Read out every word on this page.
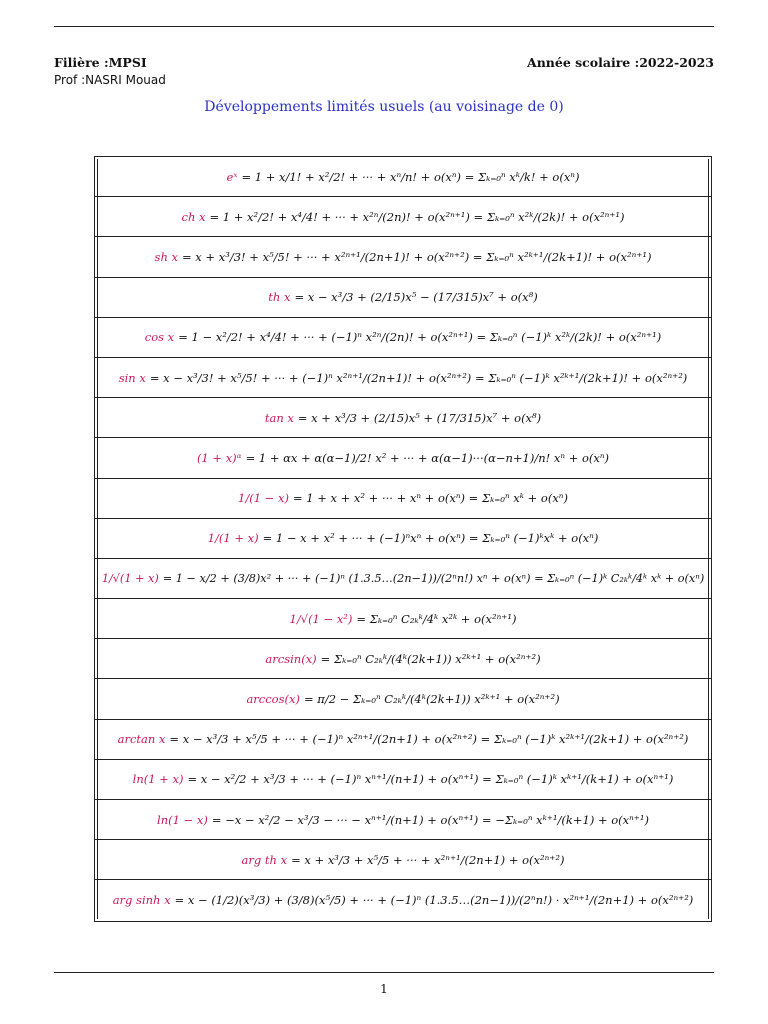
Filière :MPSI
Prof :NASRI Mouad
Année scolaire :2022-2023
Développements limités usuels (au voisinage de 0)
eˣ = 1 + x/1! + x²/2! + ··· + xⁿ/n! + o(xⁿ) = Σₖ₌₀ⁿ xᵏ/k! + o(xⁿ)
ch x = 1 + x²/2! + x⁴/4! + ··· + x²ⁿ/(2n)! + o(x²ⁿ⁺¹) = Σₖ₌₀ⁿ x²ᵏ/(2k)! + o(x²ⁿ⁺¹)
sh x = x + x³/3! + x⁵/5! + ··· + x²ⁿ⁺¹/(2n+1)! + o(x²ⁿ⁺²) = Σₖ₌₀ⁿ x²ᵏ⁺¹/(2k+1)! + o(x²ⁿ⁺¹)
th x = x − x³/3 + (2/15)x⁵ − (17/315)x⁷ + o(x⁸)
cos x = 1 − x²/2! + x⁴/4! + ··· + (−1)ⁿ x²ⁿ/(2n)! + o(x²ⁿ⁺¹) = Σₖ₌₀ⁿ (−1)ᵏ x²ᵏ/(2k)! + o(x²ⁿ⁺¹)
sin x = x − x³/3! + x⁵/5! + ··· + (−1)ⁿ x²ⁿ⁺¹/(2n+1)! + o(x²ⁿ⁺²) = Σₖ₌₀ⁿ (−1)ᵏ x²ᵏ⁺¹/(2k+1)! + o(x²ⁿ⁺²)
tan x = x + x³/3 + (2/15)x⁵ + (17/315)x⁷ + o(x⁸)
(1 + x)ᵅ = 1 + αx + α(α−1)/2! x² + ··· + α(α−1)···(α−n+1)/n! xⁿ + o(xⁿ)
1/(1 − x) = 1 + x + x² + ··· + xⁿ + o(xⁿ) = Σₖ₌₀ⁿ xᵏ + o(xⁿ)
1/(1 + x) = 1 − x + x² + ··· + (−1)ⁿxⁿ + o(xⁿ) = Σₖ₌₀ⁿ (−1)ᵏxᵏ + o(xⁿ)
1/√(1 + x) = 1 − x/2 + (3/8)x² + ··· + (−1)ⁿ (1.3.5…(2n−1))/(2ⁿn!) xⁿ + o(xⁿ) = Σₖ₌₀ⁿ (−1)ᵏ C₂ₖᵏ/4ᵏ xᵏ + o(xⁿ)
1/√(1 − x²) = Σₖ₌₀ⁿ C₂ₖᵏ/4ᵏ x²ᵏ + o(x²ⁿ⁺¹)
arcsin(x) = Σₖ₌₀ⁿ C₂ₖᵏ/(4ᵏ(2k+1)) x²ᵏ⁺¹ + o(x²ⁿ⁺²)
arccos(x) = π/2 − Σₖ₌₀ⁿ C₂ₖᵏ/(4ᵏ(2k+1)) x²ᵏ⁺¹ + o(x²ⁿ⁺²)
arctan x = x − x³/3 + x⁵/5 + ··· + (−1)ⁿ x²ⁿ⁺¹/(2n+1) + o(x²ⁿ⁺²) = Σₖ₌₀ⁿ (−1)ᵏ x²ᵏ⁺¹/(2k+1) + o(x²ⁿ⁺²)
ln(1 + x) = x − x²/2 + x³/3 + ··· + (−1)ⁿ xⁿ⁺¹/(n+1) + o(xⁿ⁺¹) = Σₖ₌₀ⁿ (−1)ᵏ xᵏ⁺¹/(k+1) + o(xⁿ⁺¹)
ln(1 − x) = −x − x²/2 − x³/3 − ··· − xⁿ⁺¹/(n+1) + o(xⁿ⁺¹) = −Σₖ₌₀ⁿ xᵏ⁺¹/(k+1) + o(xⁿ⁺¹)
arg th x = x + x³/3 + x⁵/5 + ··· + x²ⁿ⁺¹/(2n+1) + o(x²ⁿ⁺²)
arg sinh x = x − (1/2)(x³/3) + (3/8)(x⁵/5) + ··· + (−1)ⁿ (1.3.5…(2n−1))/(2ⁿn!) · x²ⁿ⁺¹/(2n+1) + o(x²ⁿ⁺²)
1
